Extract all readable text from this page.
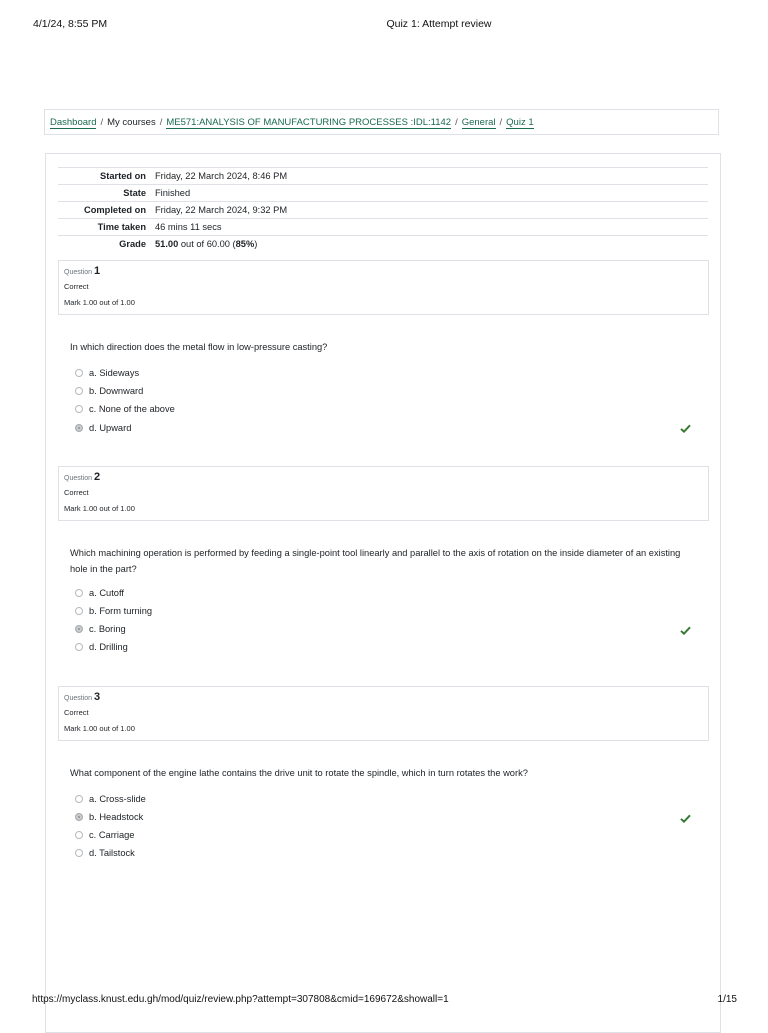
4/1/24, 8:55 PM	Quiz 1: Attempt review
Dashboard / My courses / ME571:ANALYSIS OF MANUFACTURING PROCESSES :IDL:1142 / General / Quiz 1
Started on Friday, 22 March 2024, 8:46 PM
State Finished
Completed on Friday, 22 March 2024, 9:32 PM
Time taken 46 mins 11 secs
Grade 51.00 out of 60.00 (85%)
Question 1
Correct
Mark 1.00 out of 1.00
In which direction does the metal flow in low-pressure casting?
a. Sideways
b. Downward
c. None of the above
d. Upward
Question 2
Correct
Mark 1.00 out of 1.00
Which machining operation is performed by feeding a single-point tool linearly and parallel to the axis of rotation on the inside diameter of an existing hole in the part?
a. Cutoff
b. Form turning
c. Boring
d. Drilling
Question 3
Correct
Mark 1.00 out of 1.00
What component of the engine lathe contains the drive unit to rotate the spindle, which in turn rotates the work?
a. Cross-slide
b. Headstock
c. Carriage
d. Tailstock
https://myclass.knust.edu.gh/mod/quiz/review.php?attempt=307808&cmid=169672&showall=1	1/15
